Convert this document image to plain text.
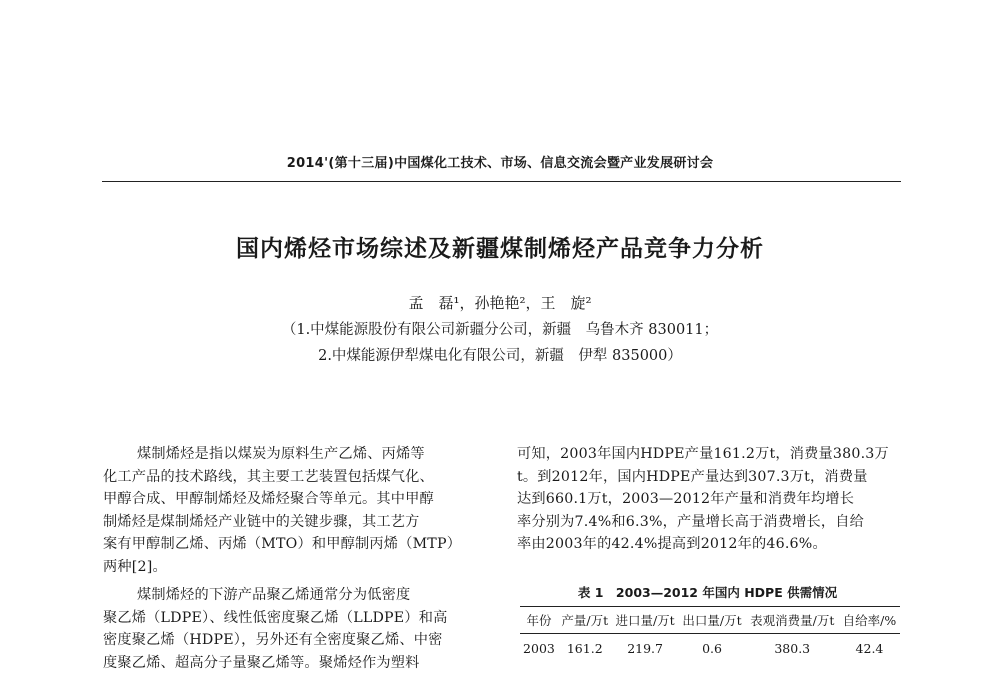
2014'(第十三届)中国煤化工技术、市场、信息交流会暨产业发展研讨会
国内烯烃市场综述及新疆煤制烯烃产品竞争力分析
孟　磊¹，孙艳艳²，王　旋²
（1.中煤能源股份有限公司新疆分公司，新疆　乌鲁木齐 830011；
2.中煤能源伊犁煤电化有限公司，新疆　伊犁 835000）
煤制烯烃是指以煤炭为原料生产乙烯、丙烯等
化工产品的技术路线，其主要工艺装置包括煤气化、
甲醇合成、甲醇制烯烃及烯烃聚合等单元。其中甲醇
制烯烃是煤制烯烃产业链中的关键步骤，其工艺方
案有甲醇制乙烯、丙烯（MTO）和甲醇制丙烯（MTP）
两种[2]。
煤制烯烃的下游产品聚乙烯通常分为低密度
聚乙烯（LDPE）、线性低密度聚乙烯（LLDPE）和高
密度聚乙烯（HDPE），另外还有全密度聚乙烯、中密
度聚乙烯、超高分子量聚乙烯等。聚烯烃作为塑料
可知，2003年国内HDPE产量161.2万t，消费量380.3万
t。到2012年，国内HDPE产量达到307.3万t，消费量
达到660.1万t，2003—2012年产量和消费年均增长
率分别为7.4%和6.3%，产量增长高于消费增长，自给
率由2003年的42.4%提高到2012年的46.6%。
表 1　2003—2012 年国内 HDPE 供需情况
年份	产量/万t	进口量/万t	出口量/万t	表观消费量/万t	自给率/%
2003	161.2	219.7	0.6	380.3	42.4
